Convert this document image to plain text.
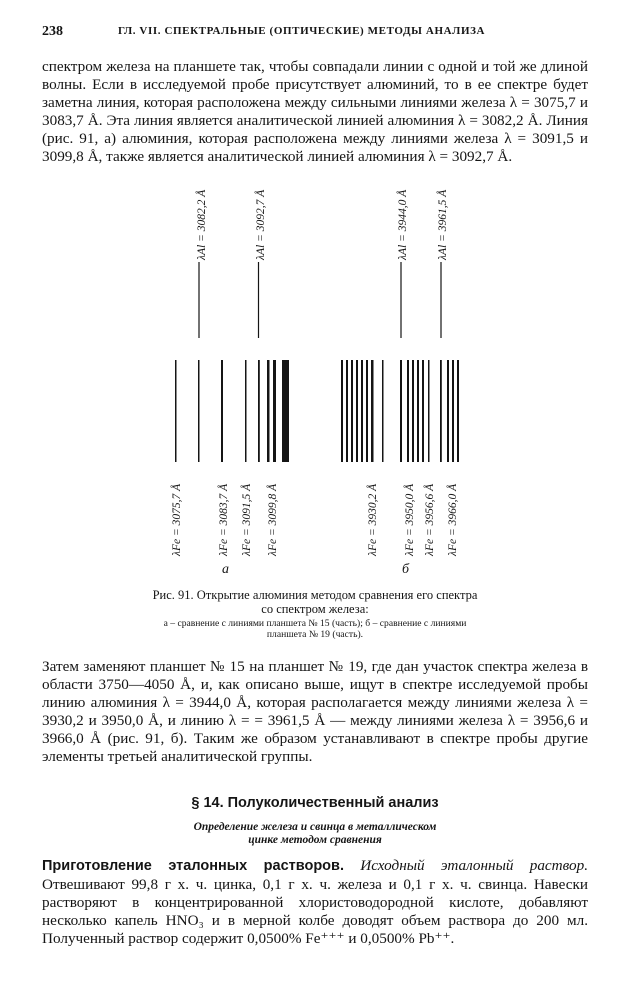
238	ГЛ. VII. СПЕКТРАЛЬНЫЕ (ОПТИЧЕСКИЕ) МЕТОДЫ АНАЛИЗА

спектром железа на планшете так, чтобы совпадали линии с одной и той же длиной волны. Если в исследуемой пробе присутствует алюминий, то в ее спектре будет заметна линия, которая расположена между сильными линиями железа λ = 3075,7 и 3083,7 Å. Эта линия является аналитической линией алюминия λ = 3082,2 Å. Линия (рис. 91, а) алюминия, которая расположена между линиями железа λ = 3091,5 и 3099,8 Å, также является аналитической линией алюминия λ = 3092,7 Å.

λAl = 3082,2 Å	λAl = 3092,7 Å	λAl = 3944,0 Å λAl = 3961,5 Å
λFe = 3075,7 Å	λFe = 3083,7 Å λFe = 3091,5 Å λFe = 3099,8 Å	λFe = 3930,2 Å λFe = 3950,0 Å λFe = 3956,6 Å λFe = 3966,0 Å
а	б
Рис. 91. Открытие алюминия методом сравнения его спектра со спектром железа:
а – сравнение с линиями планшета № 15 (часть); б – сравнение с линиями планшета № 19 (часть).

Затем заменяют планшет № 15 на планшет № 19, где дан участок спектра железа в области 3750—4050 Å, и, как описано выше, ищут в спектре исследуемой пробы линию алюминия λ = 3944,0 Å, которая располагается между линиями железа λ = 3930,2 и 3950,0 Å, и линию λ = = 3961,5 Å — между линиями железа λ = 3956,6 и 3966,0 Å (рис. 91, б). Таким же образом устанавливают в спектре пробы другие элементы третьей аналитической группы.

§ 14. Полуколичественный анализ
Определение железа и свинца в металлическом цинке методом сравнения

Приготовление эталонных растворов. Исходный эталонный раствор. Отвешивают 99,8 г х. ч. цинка, 0,1 г х. ч. железа и 0,1 г х. ч. свинца. Навески растворяют в концентрированной хлористоводородной кислоте, добавляют несколько капель HNO₃ и в мерной колбе доводят объем раствора до 200 мл. Полученный раствор содержит 0,0500% Fe⁺⁺⁺ и 0,0500% Pb⁺⁺.
